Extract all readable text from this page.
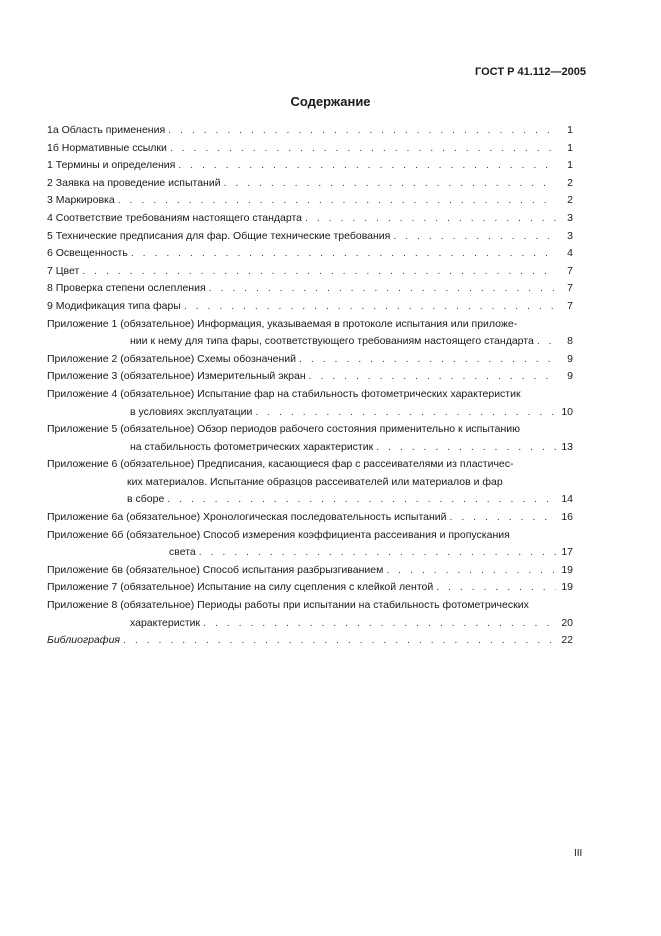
ГОСТ Р 41.112—2005
Содержание
1а Область применения . . .	1
1б Нормативные ссылки . . .	1
1 Термины и определения . . .	1
2 Заявка на проведение испытаний . . .	2
3 Маркировка . . .	2
4 Соответствие требованиям настоящего стандарта . . .	3
5 Технические предписания для фар. Общие технические требования . . .	3
6 Освещенность . . .	4
7 Цвет . . .	7
8 Проверка степени ослепления . . .	7
9 Модификация типа фары . . .	7
Приложение 1 (обязательное) Информация, указываемая в протоколе испытания или приложе-
нии к нему для типа фары, соответствующего требованиям настоящего стандарта . . .	8
Приложение 2 (обязательное) Схемы обозначений . . .	9
Приложение 3 (обязательное) Измерительный экран . . .	9
Приложение 4 (обязательное) Испытание фар на стабильность фотометрических характеристик
в условиях эксплуатации . . .	10
Приложение 5 (обязательное) Обзор периодов рабочего состояния применительно к испытанию
на стабильность фотометрических характеристик . . .	13
Приложение 6 (обязательное) Предписания, касающиеся фар с рассеивателями из пластичес-
ких материалов. Испытание образцов рассеивателей или материалов и фар
в сборе . . .	14
Приложение 6а (обязательное) Хронологическая последовательность испытаний . . .	16
Приложение 6б (обязательное) Способ измерения коэффициента рассеивания и пропускания
света . . .	17
Приложение 6в (обязательное) Способ испытания разбрызгиванием . . .	19
Приложение 7 (обязательное) Испытание на силу сцепления с клейкой лентой . . .	19
Приложение 8 (обязательное) Периоды работы при испытании на стабильность фотометрических
характеристик . . .	20
Библиография . . .	22
III
